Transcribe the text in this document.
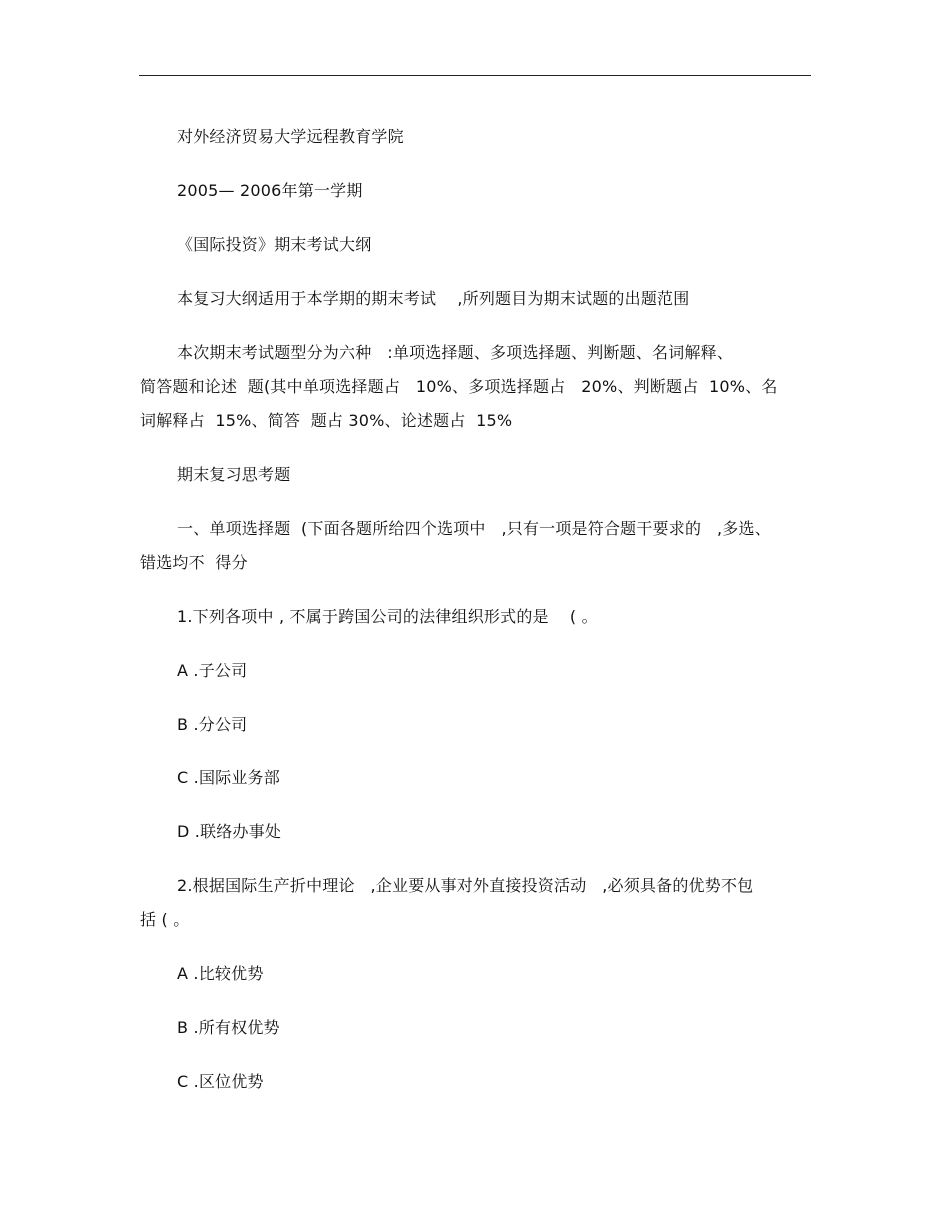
对外经济贸易大学远程教育学院
2005— 2006年第一学期
《国际投资》期末考试大纲
本复习大纲适用于本学期的期末考试    ,所列题目为期末试题的出题范围
本次期末考试题型分为六种   :单项选择题、多项选择题、判断题、名词解释、
简答题和论述  题(其中单项选择题占   10%、多项选择题占   20%、判断题占  10%、名
词解释占  15%、简答  题占 30%、论述题占  15%
期末复习思考题
一、单项选择题  (下面各题所给四个选项中   ,只有一项是符合题干要求的   ,多选、
错选均不  得分
1.下列各项中 , 不属于跨国公司的法律组织形式的是    ( 。
A .子公司
B .分公司
C .国际业务部
D .联络办事处
2.根据国际生产折中理论   ,企业要从事对外直接投资活动   ,必须具备的优势不包
括 ( 。
A .比较优势
B .所有权优势
C .区位优势
